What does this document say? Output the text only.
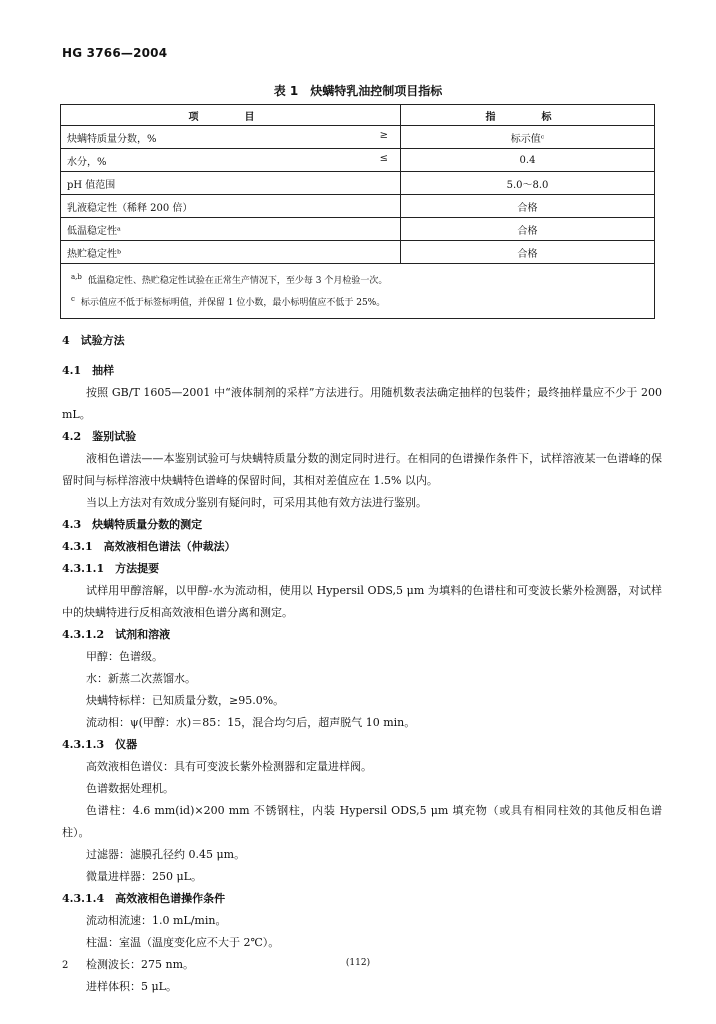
HG 3766—2004
表 1　炔螨特乳油控制项目指标
项　目	指　标
炔螨特质量分数，% ≥	标示值ᶜ
水分，% ≤	0.4
pH 值范围	5.0～8.0
乳液稳定性（稀释 200 倍）	合格
低温稳定性ᵃ	合格
热贮稳定性ᵇ	合格

$^{a,b}$ 低温稳定性、热贮稳定性试验在正常生产情况下，至少每 3 个月检验一次。
$^c$ 标示值应不低于标签标明值，并保留 1 位小数，最小标明值应不低于 25%。	
4　试验方法
4.1　抽样
按照 GB/T 1605—2001 中“液体制剂的采样”方法进行。用随机数表法确定抽样的包装件；最终抽样量应不少于 200 mL。
4.2　鉴别试验
液相色谱法——本鉴别试验可与炔螨特质量分数的测定同时进行。在相同的色谱操作条件下，试样溶液某一色谱峰的保留时间与标样溶液中炔螨特色谱峰的保留时间，其相对差值应在 1.5% 以内。
当以上方法对有效成分鉴别有疑问时，可采用其他有效方法进行鉴别。
4.3　炔螨特质量分数的测定
4.3.1　高效液相色谱法（仲裁法）
4.3.1.1　方法提要
试样用甲醇溶解，以甲醇-水为流动相，使用以 Hypersil ODS,5 μm 为填料的色谱柱和可变波长紫外检测器，对试样中的炔螨特进行反相高效液相色谱分离和测定。
4.3.1.2　试剂和溶液
甲醇：色谱级。
水：新蒸二次蒸馏水。
炔螨特标样：已知质量分数，≥95.0%。
流动相：ψ(甲醇：水)＝85：15，混合均匀后，超声脱气 10 min。
4.3.1.3　仪器
高效液相色谱仪：具有可变波长紫外检测器和定量进样阀。
色谱数据处理机。
色谱柱：4.6 mm(id)×200 mm 不锈钢柱，内装 Hypersil ODS,5 μm 填充物（或具有相同柱效的其他反相色谱柱）。
过滤器：滤膜孔径约 0.45 μm。
微量进样器：250 μL。
4.3.1.4　高效液相色谱操作条件
流动相流速：1.0 mL/min。
柱温：室温（温度变化应不大于 2℃）。
检测波长：275 nm。
进样体积：5 μL。
2	(112)
